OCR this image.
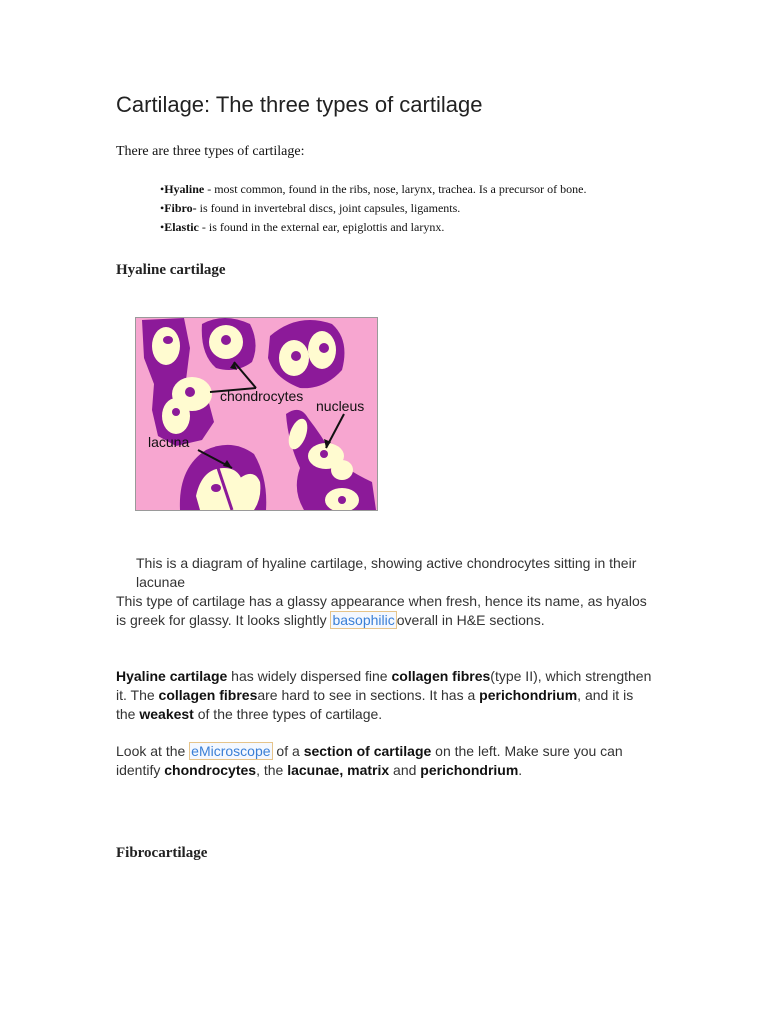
Cartilage: The three types of cartilage

There are three types of cartilage:

•Hyaline - most common, found in the ribs, nose, larynx, trachea. Is a precursor of bone.
•Fibro- is found in invertebral discs, joint capsules, ligaments.
•Elastic - is found in the external ear, epiglottis and larynx.
Hyaline cartilage
chondrocytes
nucleus
lacuna

This is a diagram of hyaline cartilage, showing active chondrocytes sitting in their lacunae

This type of cartilage has a glassy appearance when fresh, hence its name, as hyalos is greek for glassy. It looks slightly basophilic overall in H&E sections.

Hyaline cartilage has widely dispersed fine collagen fibres(type II), which strengthen it. The collagen fibresare hard to see in sections. It has a perichondrium, and it is the weakest of the three types of cartilage.

Look at the eMicroscope of a section of cartilage on the left. Make sure you can identify chondrocytes, the lacunae, matrix and perichondrium.

Fibrocartilage
